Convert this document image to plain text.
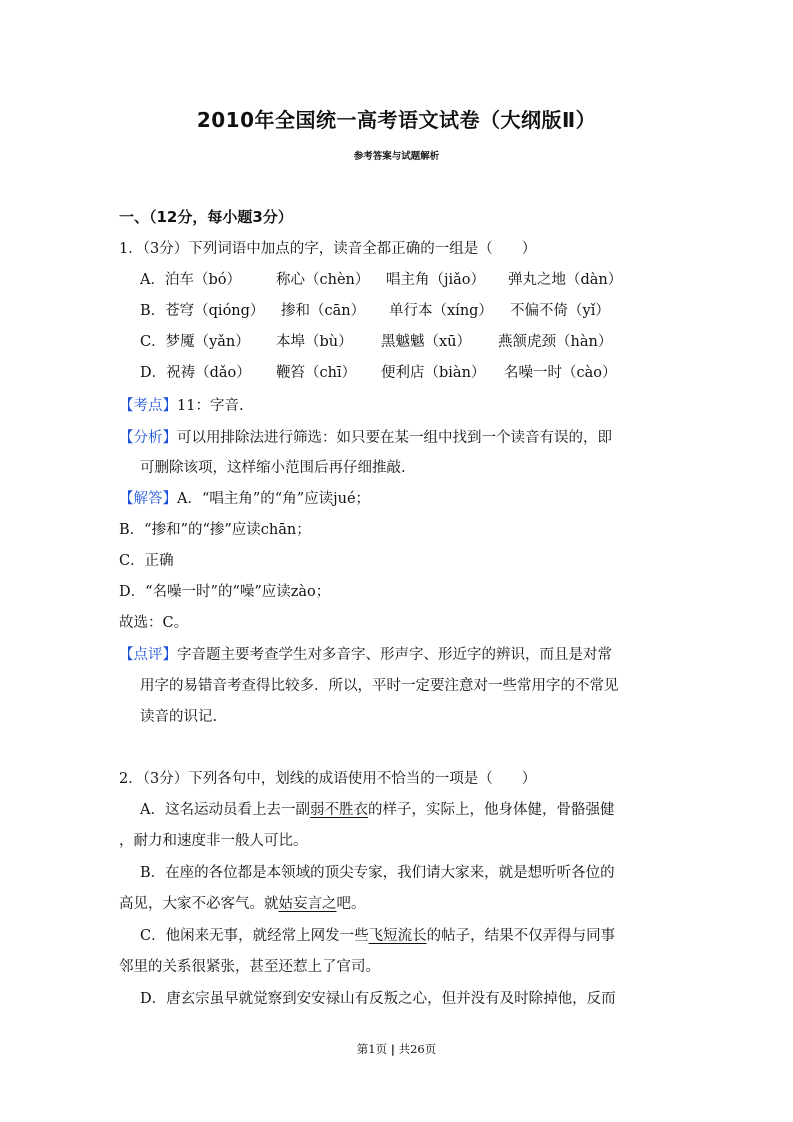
2010年全国统一高考语文试卷（大纲版Ⅱ）
参考答案与试题解析
一、（12分，每小题3分）
1．（3分）下列词语中加点的字，读音全都正确的一组是（　　）
A．泊车（bó） 称心（chèn） 唱主角（jiǎo） 弹丸之地（dàn）
B．苍穹（qióng） 掺和（cān） 单行本（xíng） 不偏不倚（yǐ）
C．梦魇（yǎn） 本埠（bù） 黑魆魆（xū） 燕颔虎颈（hàn）
D．祝祷（dǎo） 鞭笞（chī） 便利店（biàn） 名噪一时（cào）
【考点】11：字音.
【分析】可以用排除法进行筛选：如只要在某一组中找到一个读音有误的，即
可删除该项，这样缩小范围后再仔细推敲.
【解答】A．“唱主角”的“角”应读jué；
B．“掺和”的“掺”应读chān；
C．正确
D．“名噪一时”的“噪”应读zào；
故选：C。
【点评】字音题主要考查学生对多音字、形声字、形近字的辨识，而且是对常
用字的易错音考查得比较多．所以，平时一定要注意对一些常用字的不常见
读音的识记.
2．（3分）下列各句中，划线的成语使用不恰当的一项是（　　）
A．这名运动员看上去一副弱不胜衣的样子，实际上，他身体健，骨骼强健
，耐力和速度非一般人可比。
B．在座的各位都是本领域的顶尖专家，我们请大家来，就是想听听各位的
高见，大家不必客气。就姑妄言之吧。
C．他闲来无事，就经常上网发一些飞短流长的帖子，结果不仅弄得与同事
邻里的关系很紧张，甚至还惹上了官司。
D．唐玄宗虽早就觉察到安安禄山有反叛之心，但并没有及时除掉他，反而
第1页 | 共26页
